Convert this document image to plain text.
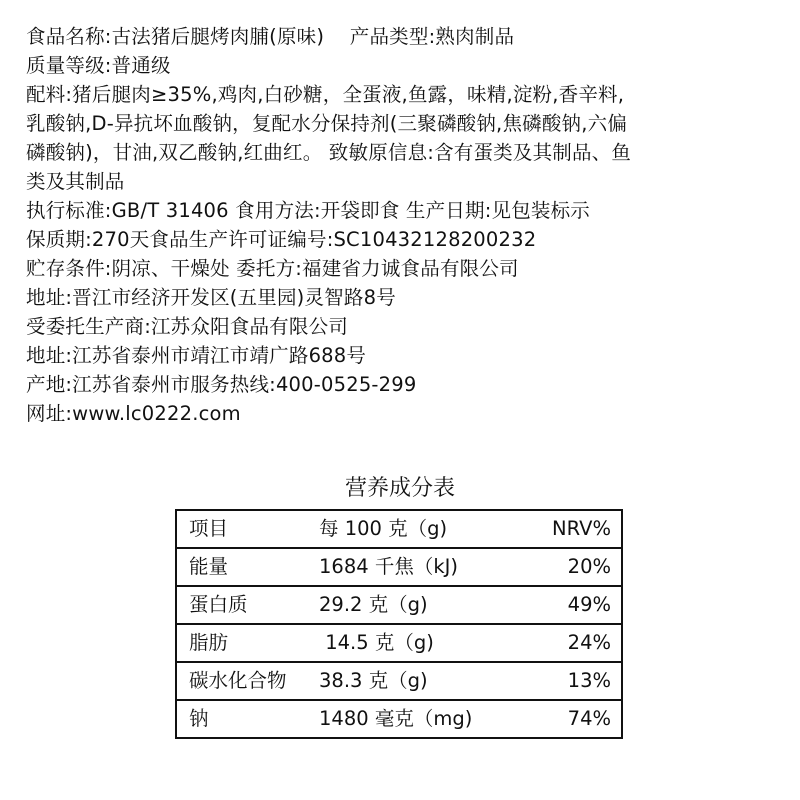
食品名称:古法猪后腿烤肉脯(原味)    产品类型:熟肉制品
质量等级:普通级
配料:猪后腿肉≥35%,鸡肉,白砂糖，全蛋液,鱼露，味精,淀粉,香辛料,
乳酸钠,D-异抗坏血酸钠，复配水分保持剂(三聚磷酸钠,焦磷酸钠,六偏
磷酸钠)，甘油,双乙酸钠,红曲红。 致敏原信息:含有蛋类及其制品、鱼
类及其制品
执行标准:GB/T 31406 食用方法:开袋即食 生产日期:见包装标示
保质期:270天食品生产许可证编号:SC10432128200232
贮存条件:阴凉、干燥处 委托方:福建省力诚食品有限公司
地址:晋江市经济开发区(五里园)灵智路8号
受委托生产商:江苏众阳食品有限公司
地址:江苏省泰州市靖江市靖广路688号
产地:江苏省泰州市服务热线:400-0525-299
网址:www.lc0222.com
营养成分表
项目	每 100 克（g)	NRV%
能量	1684 千焦（kJ)	20%
蛋白质	29.2 克（g)	49%
脂肪	14.5 克（g)	24%
碳水化合物 38.3 克（g)	13%
钠	1480 毫克（mg)	74%
